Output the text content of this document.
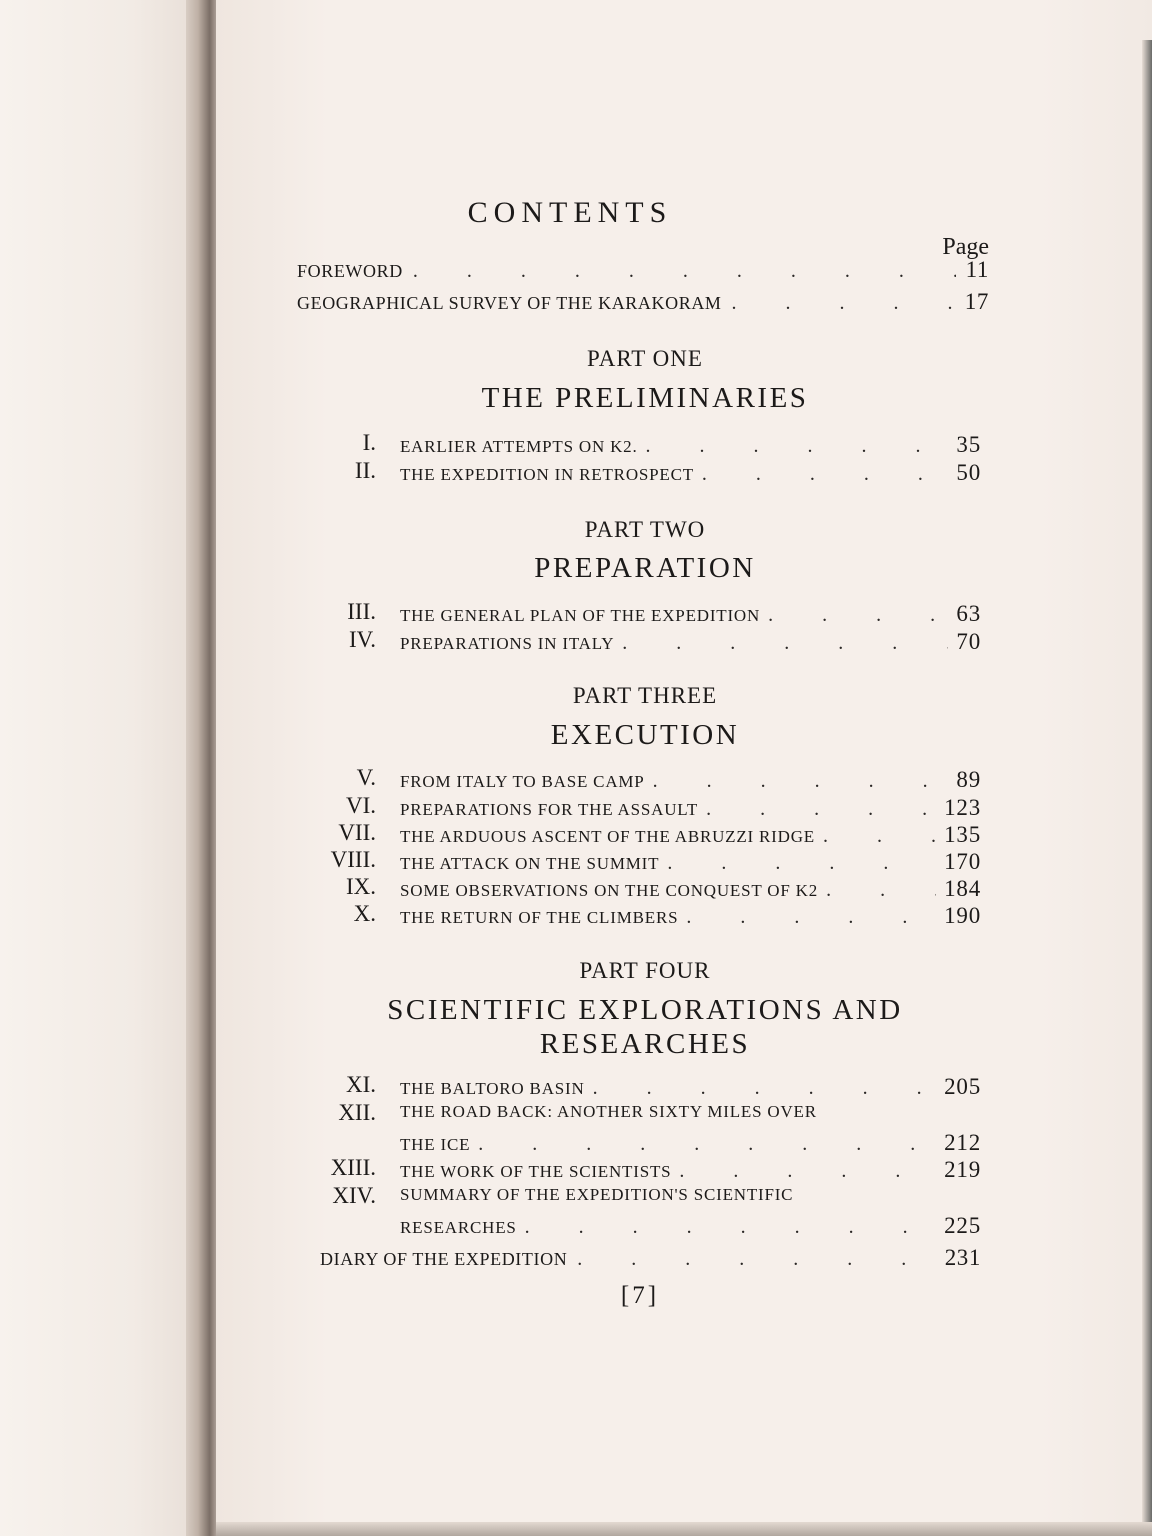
CONTENTS
Page
FOREWORD . . .	11
GEOGRAPHICAL SURVEY OF THE KARAKORAM . . .	17
PART ONE
THE PRELIMINARIES
I. EARLIER ATTEMPTS ON K2. . . .	35
II. THE EXPEDITION IN RETROSPECT . . .	50
PART TWO
PREPARATION
III. THE GENERAL PLAN OF THE EXPEDITION . . .	63
IV. PREPARATIONS IN ITALY . . .	70
PART THREE
EXECUTION
V. FROM ITALY TO BASE CAMP . . .	89
VI. PREPARATIONS FOR THE ASSAULT . . .	123
VII. THE ARDUOUS ASCENT OF THE ABRUZZI RIDGE . . .	135
VIII. THE ATTACK ON THE SUMMIT . . .	170
IX. SOME OBSERVATIONS ON THE CONQUEST OF K2 . . .	184
X. THE RETURN OF THE CLIMBERS . . .	190
PART FOUR
SCIENTIFIC EXPLORATIONS AND
RESEARCHES
XI. THE BALTORO BASIN . . .	205
XII. THE ROAD BACK: ANOTHER SIXTY MILES OVER
THE ICE . . .	212
XIII. THE WORK OF THE SCIENTISTS . . .	219
XIV. SUMMARY OF THE EXPEDITION'S SCIENTIFIC
RESEARCHES . . .	225
DIARY OF THE EXPEDITION . . .	231
[7]
